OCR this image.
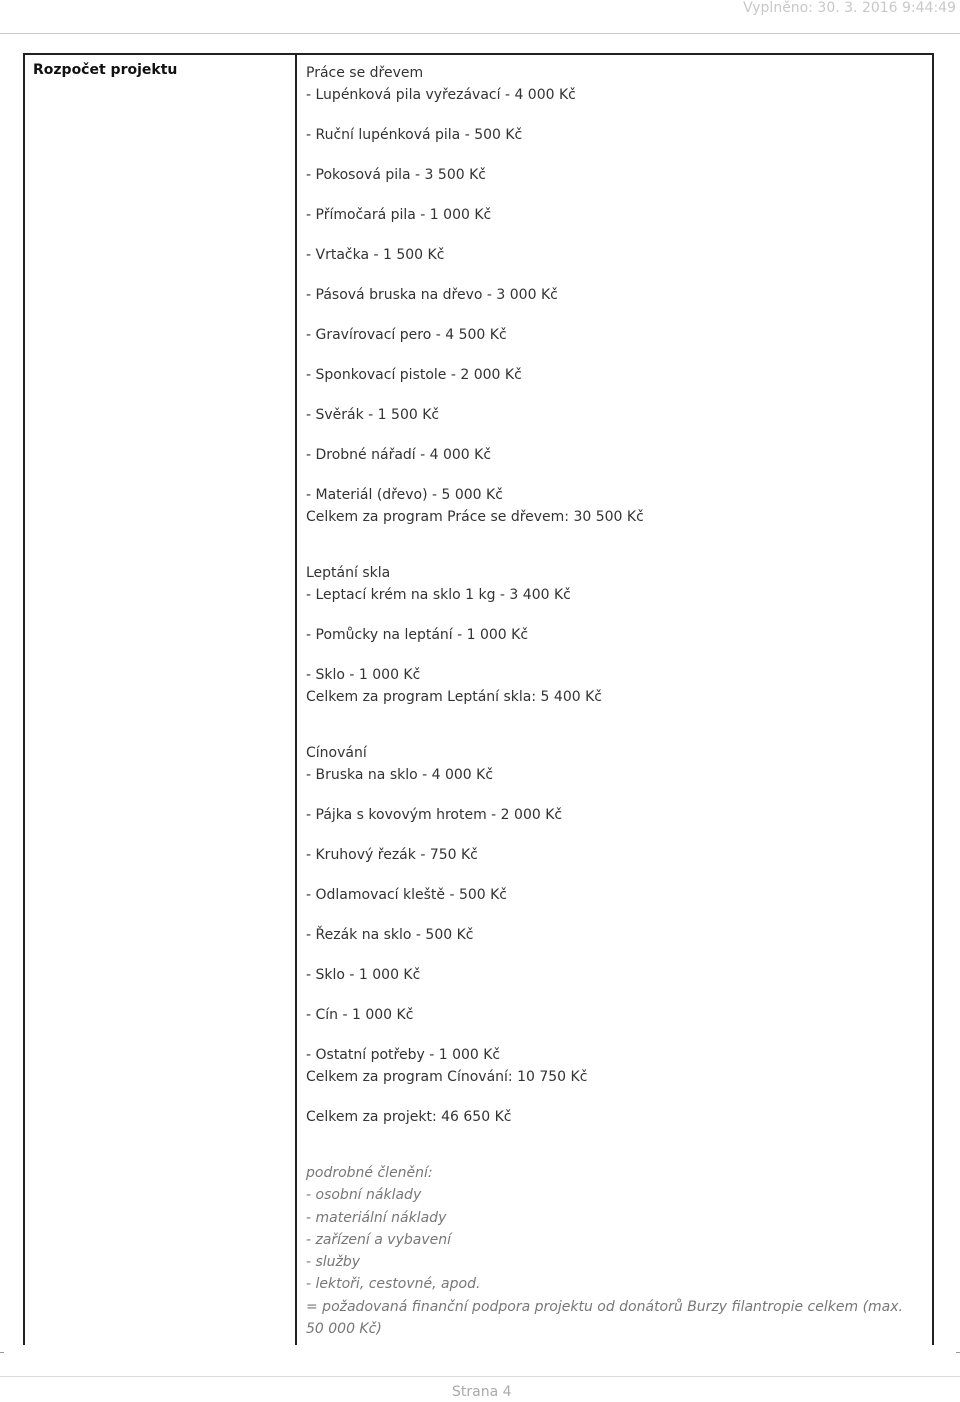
Vyplněno: 30. 3. 2016 9:44:49
Rozpočet projektu	Práce se dřevem
- Lupénková pila vyřezávací - 4 000 Kč
- Ruční lupénková pila - 500 Kč
- Pokosová pila - 3 500 Kč
- Přímočará pila - 1 000 Kč
- Vrtačka - 1 500 Kč
- Pásová bruska na dřevo - 3 000 Kč
- Gravírovací pero - 4 500 Kč
- Sponkovací pistole - 2 000 Kč
- Svěrák - 1 500 Kč
- Drobné nářadí - 4 000 Kč
- Materiál (dřevo) - 5 000 Kč
Celkem za program Práce se dřevem: 30 500 Kč
Leptání skla
- Leptací krém na sklo 1 kg - 3 400 Kč
- Pomůcky na leptání - 1 000 Kč
- Sklo - 1 000 Kč
Celkem za program Leptání skla: 5 400 Kč
Cínování
- Bruska na sklo - 4 000 Kč
- Pájka s kovovým hrotem - 2 000 Kč
- Kruhový řezák - 750 Kč
- Odlamovací kleště - 500 Kč
- Řezák na sklo - 500 Kč
- Sklo - 1 000 Kč
- Cín - 1 000 Kč
- Ostatní potřeby - 1 000 Kč
Celkem za program Cínování: 10 750 Kč
Celkem za projekt: 46 650 Kč
podrobné členění:
- osobní náklady
- materiální náklady
- zařízení a vybavení
- služby
- lektoři, cestovné, apod.
= požadovaná finanční podpora projektu od donátorů Burzy filantropie celkem (max. 50 000 Kč)
Strana 4
